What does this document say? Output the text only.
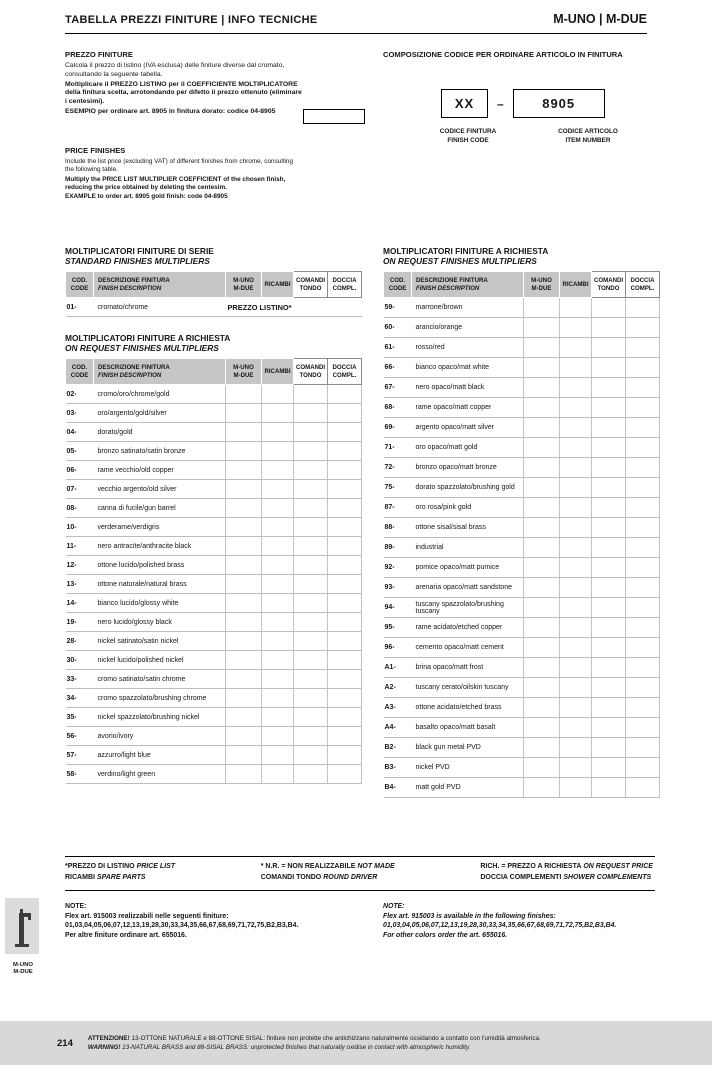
TABELLA PREZZI FINITURE | INFO TECNICHE	M-UNO | M-DUE
PREZZO FINITURE

Calcola il prezzo di listino (IVA esclusa) delle finiture diverse dal cromato, consultando la seguente tabella.

Moltiplicare il PREZZO LISTINO per il COEFFICIENTE MOLTIPLICATORE della finitura scelta, arrotondando per difetto il prezzo ottenuto (eliminare i centesimi).

ESEMPIO per ordinare art. 8905 in finitura dorato: codice 04-8905

PRICE FINISHES

Include the list price (excluding VAT) of different finishes from chrome, consulting the following table.

Multiply the PRICE LIST MULTIPLIER COEFFICIENT of the chosen finish, reducing the price obtained by deleting the centesim.

EXAMPLE to order art. 8905 gold finish: code 04-8905

COMPOSIZIONE CODICE PER ORDINARE ARTICOLO IN FINITURA
XX	–	8905
CODICE FINITURA
FINISH CODE
CODICE ARTICOLO
ITEM NUMBER
MOLTIPLICATORI FINITURE DI SERIE
STANDARD FINISHES MULTIPLIERS
COD.
CODE

DESCRIZIONE FINITURA
FINISH DESCRIPTION

M-UNO
M-DUE

RICAMBI

COMANDI
TONDO

DOCCIA
COMPL.

01-	cromato/chrome	PREZZO LISTINO*			
MOLTIPLICATORI FINITURE A RICHIESTA
ON REQUEST FINISHES MULTIPLIERS
COD.
CODE

DESCRIZIONE FINITURA
FINISH DESCRIPTION

M-UNO
M-DUE

RICAMBI

COMANDI
TONDO

DOCCIA
COMPL.

02-	cromo/oro/chrome/gold				
03-	oro/argento/gold/silver				
04-	dorato/gold				
05-	bronzo satinato/satin bronze				
06-	rame vecchio/old copper				
07-	vecchio argento/old silver				
08-	canna di fucile/gun barrel				
10-	verderame/verdigris				
11-	nero antracite/anthracite black				
12-	ottone lucido/polished brass				
13-	ottone naturale/natural brass				
14-	bianco lucido/glossy white				
19-	nero lucido/glossy black				
28-	nickel satinato/satin nickel				
30-	nickel lucido/polished nickel				
33-	cromo satinato/satin chrome				
34-	cromo spazzolato/brushing chrome				
35-	nickel spazzolato/brushing nickel				
56-	avorio/ivory				
57-	azzurro/light blue				
58-	verdino/light green				
MOLTIPLICATORI FINITURE A RICHIESTA
ON REQUEST FINISHES MULTIPLIERS
COD.
CODE

DESCRIZIONE FINITURA
FINISH DESCRIPTION

M-UNO
M-DUE

RICAMBI

COMANDI
TONDO

DOCCIA
COMPL.

59-	marrone/brown				
60-	arancio/orange				
61-	rosso/red				
66-	bianco opaco/mat white				
67-	nero opaco/matt black				
68-	rame opaco/matt copper				
69-	argento opaco/matt silver				
71-	oro opaco/matt gold				
72-	bronzo opaco/matt bronze				
75-	dorato spazzolato/brushing gold				
87-	oro rosa/pink gold				
88-	ottone sisal/sisal brass				
89-	industrial				
92-	pomice opaco/matt pumice				
93-	arenaria opaco/matt sandstone				
94-	tuscany spazzolato/brushing tuscany				
95-	rame acidato/etched copper				
96-	cemento opaco/matt cement				
A1-	brina opaco/matt frost				
A2-	tuscany cerato/oilskin tuscany				
A3-	ottone acidato/etched brass				
A4-	basalto opaco/matt basalt				
B2-	black gun metal PVD				
B3-	nickel PVD				
B4-	matt gold PVD				
*PREZZO DI LISTINO PRICE LIST
RICAMBI SPARE PARTS
* N.R. = NON REALIZZABILE NOT MADE
COMANDI TONDO ROUND DRIVER
RICH. = PREZZO A RICHIESTA ON REQUEST PRICE
DOCCIA COMPLEMENTI SHOWER COMPLEMENTS
NOTE:
Flex art. 915003 realizzabili nelle seguenti finiture:
01,03,04,05,06,07,12,13,19,28,30,33,34,35,66,67,68,69,71,72,75,B2,B3,B4.
Per altre finiture ordinare art. 655016.
NOTE:
Flex art. 915003 is available in the following finishes:
01,03,04,05,06,07,12,13,19,28,30,33,34,35,66,67,68,69,71,72,75,B2,B3,B4.
For other colors order the art. 655016.
M-UNO
M-DUE
214 ATTENZIONE! 13-OTTONE NATURALE e 88-OTTONE SISAL: finiture non protette che antichizzano naturalmente ossidando a contatto con l'umidità atmosferica.
WARNING! 13-NATURAL BRASS and 88-SISAL BRASS: unprotected finishes that naturally oxidise in contact with atmospheric humidity.
